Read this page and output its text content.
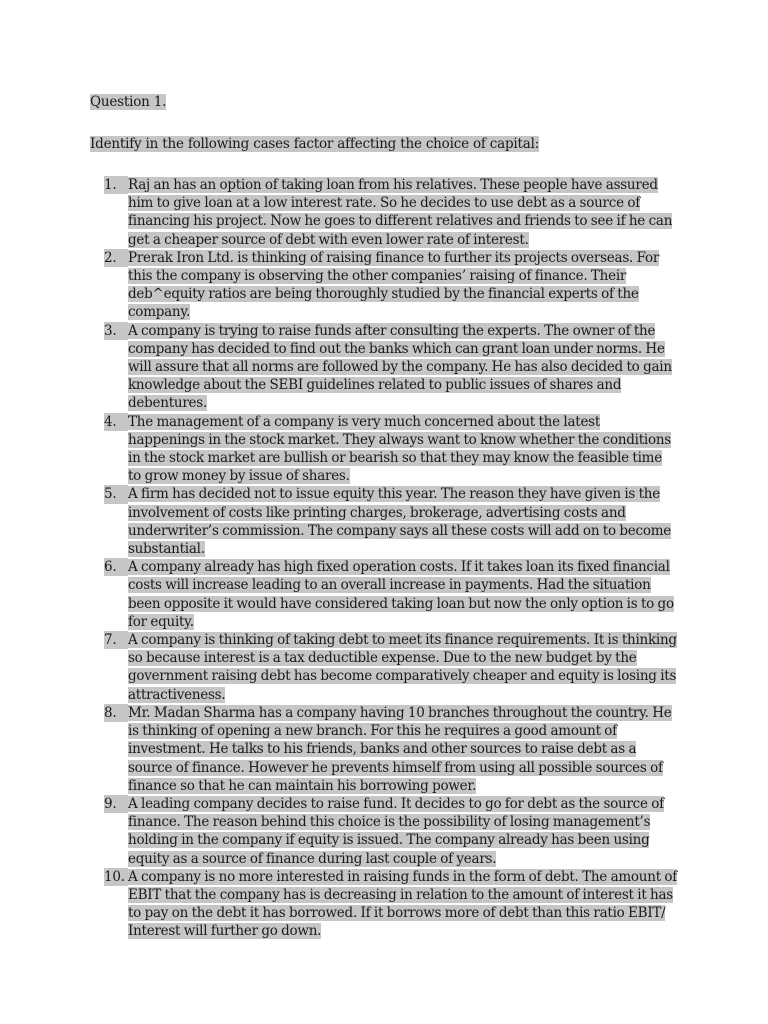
Question 1.

Identify in the following cases factor affecting the choice of capital:

1. Raj an has an option of taking loan from his relatives. These people have assured him to give loan at a low interest rate. So he decides to use debt as a source of financing his project. Now he goes to different relatives and friends to see if he can get a cheaper source of debt with even lower rate of interest.
2. Prerak Iron Ltd. is thinking of raising finance to further its projects overseas. For this the company is observing the other companies’ raising of finance. Their deb^equity ratios are being thoroughly studied by the financial experts of the company.
3. A company is trying to raise funds after consulting the experts. The owner of the company has decided to find out the banks which can grant loan under norms. He will assure that all norms are followed by the company. He has also decided to gain knowledge about the SEBI guidelines related to public issues of shares and debentures.
4. The management of a company is very much concerned about the latest happenings in the stock market. They always want to know whether the conditions in the stock market are bullish or bearish so that they may know the feasible time to grow money by issue of shares.
5. A firm has decided not to issue equity this year. The reason they have given is the involvement of costs like printing charges, brokerage, advertising costs and underwriter’s commission. The company says all these costs will add on to become substantial.
6. A company already has high fixed operation costs. If it takes loan its fixed financial costs will increase leading to an overall increase in payments. Had the situation been opposite it would have considered taking loan but now the only option is to go for equity.
7. A company is thinking of taking debt to meet its finance requirements. It is thinking so because interest is a tax deductible expense. Due to the new budget by the government raising debt has become comparatively cheaper and equity is losing its attractiveness.
8. Mr. Madan Sharma has a company having 10 branches throughout the country. He is thinking of opening a new branch. For this he requires a good amount of investment. He talks to his friends, banks and other sources to raise debt as a source of finance. However he prevents himself from using all possible sources of finance so that he can maintain his borrowing power.
9. A leading company decides to raise fund. It decides to go for debt as the source of finance. The reason behind this choice is the possibility of losing management’s holding in the company if equity is issued. The company already has been using equity as a source of finance during last couple of years.
10. A company is no more interested in raising funds in the form of debt. The amount of EBIT that the company has is decreasing in relation to the amount of interest it has to pay on the debt it has borrowed. If it borrows more of debt than this ratio EBIT/ Interest will further go down.
